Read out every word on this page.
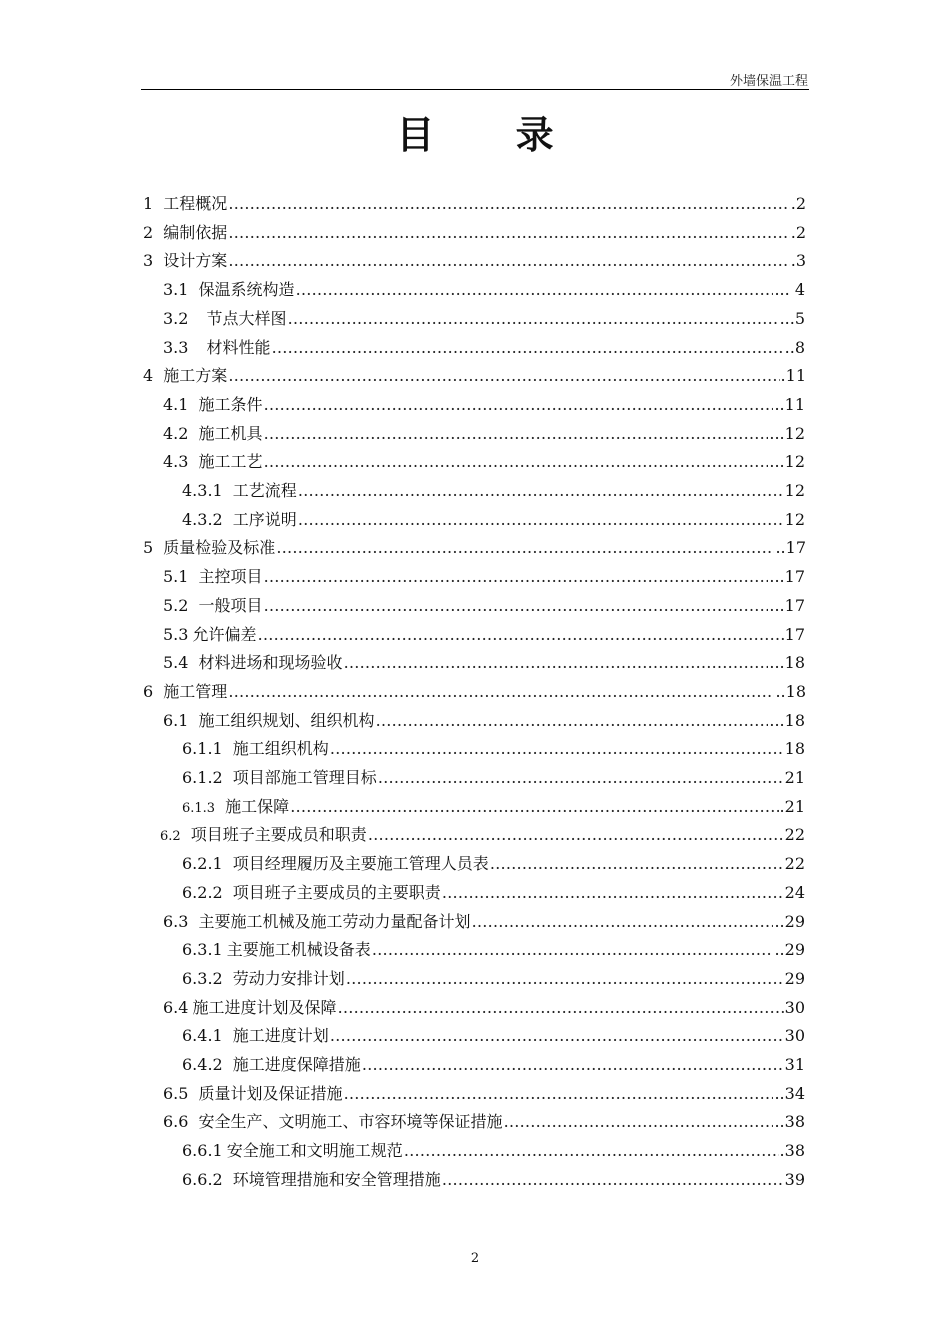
外墙保温工程
目 录
1 工程概况 ………………………………………………………………………………………………………………………………………………………………………	.2
2 编制依据 ………………………………………………………………………………………………………………………………………………………………………	.2
3 设计方案 ………………………………………………………………………………………………………………………………………………………………………	.3
3.1 保温系统构造 ………………………………………………………………………………………………………………………………………………………………………	... 4
3.2 节点大样图 ………………………………………………………………………………………………………………………………………………………………………	...5
3.3 材料性能 ………………………………………………………………………………………………………………………………………………………………………	..8
4 施工方案 ………………………………………………………………………………………………………………………………………………………………………	.11
4.1 施工条件 ………………………………………………………………………………………………………………………………………………………………………	..11
4.2 施工机具 ………………………………………………………………………………………………………………………………………………………………………	...12
4.3 施工工艺 ………………………………………………………………………………………………………………………………………………………………………	...12
4.3.1 工艺流程 ………………………………………………………………………………………………………………………………………………………………………	12
4.3.2 工序说明 ………………………………………………………………………………………………………………………………………………………………………	12
5 质量检验及标准 ………………………………………………………………………………………………………………………………………………………………………	..17
5.1 主控项目 ………………………………………………………………………………………………………………………………………………………………………	...17
5.2 一般项目 ………………………………………………………………………………………………………………………………………………………………………	...17
5.3 允许偏差 ………………………………………………………………………………………………………………………………………………………………………	17
5.4 材料进场和现场验收 ………………………………………………………………………………………………………………………………………………………………………	...18
6 施工管理 ………………………………………………………………………………………………………………………………………………………………………	..18
6.1 施工组织规划、组织机构 ………………………………………………………………………………………………………………………………………………………………………	...18
6.1.1 施工组织机构 ………………………………………………………………………………………………………………………………………………………………………	18
6.1.2 项目部施工管理目标 ………………………………………………………………………………………………………………………………………………………………………	21
6.1.3 施工保障 ………………………………………………………………………………………………………………………………………………………………………	.21
6.2 项目班子主要成员和职责 ………………………………………………………………………………………………………………………………………………………………………	22
6.2.1 项目经理履历及主要施工管理人员表 ………………………………………………………………………………………………………………………………………………………………………	22
6.2.2 项目班子主要成员的主要职责 ………………………………………………………………………………………………………………………………………………………………………	24
6.3 主要施工机械及施工劳动力量配备计划 ………………………………………………………………………………………………………………………………………………………………………	..29
6.3.1 主要施工机械设备表 ………………………………………………………………………………………………………………………………………………………………………	..29
6.3.2 劳动力安排计划 ………………………………………………………………………………………………………………………………………………………………………	29
6.4 施工进度计划及保障 ………………………………………………………………………………………………………………………………………………………………………	30
6.4.1 施工进度计划 ………………………………………………………………………………………………………………………………………………………………………	30
6.4.2 施工进度保障措施 ………………………………………………………………………………………………………………………………………………………………………	31
6.5 质量计划及保证措施 ………………………………………………………………………………………………………………………………………………………………………	..34
6.6 安全生产、文明施工、市容环境等保证措施 ………………………………………………………………………………………………………………………………………………………………………	..38
6.6.1 安全施工和文明施工规范 ………………………………………………………………………………………………………………………………………………………………………	.38
6.6.2 环境管理措施和安全管理措施 ………………………………………………………………………………………………………………………………………………………………………	39
2
